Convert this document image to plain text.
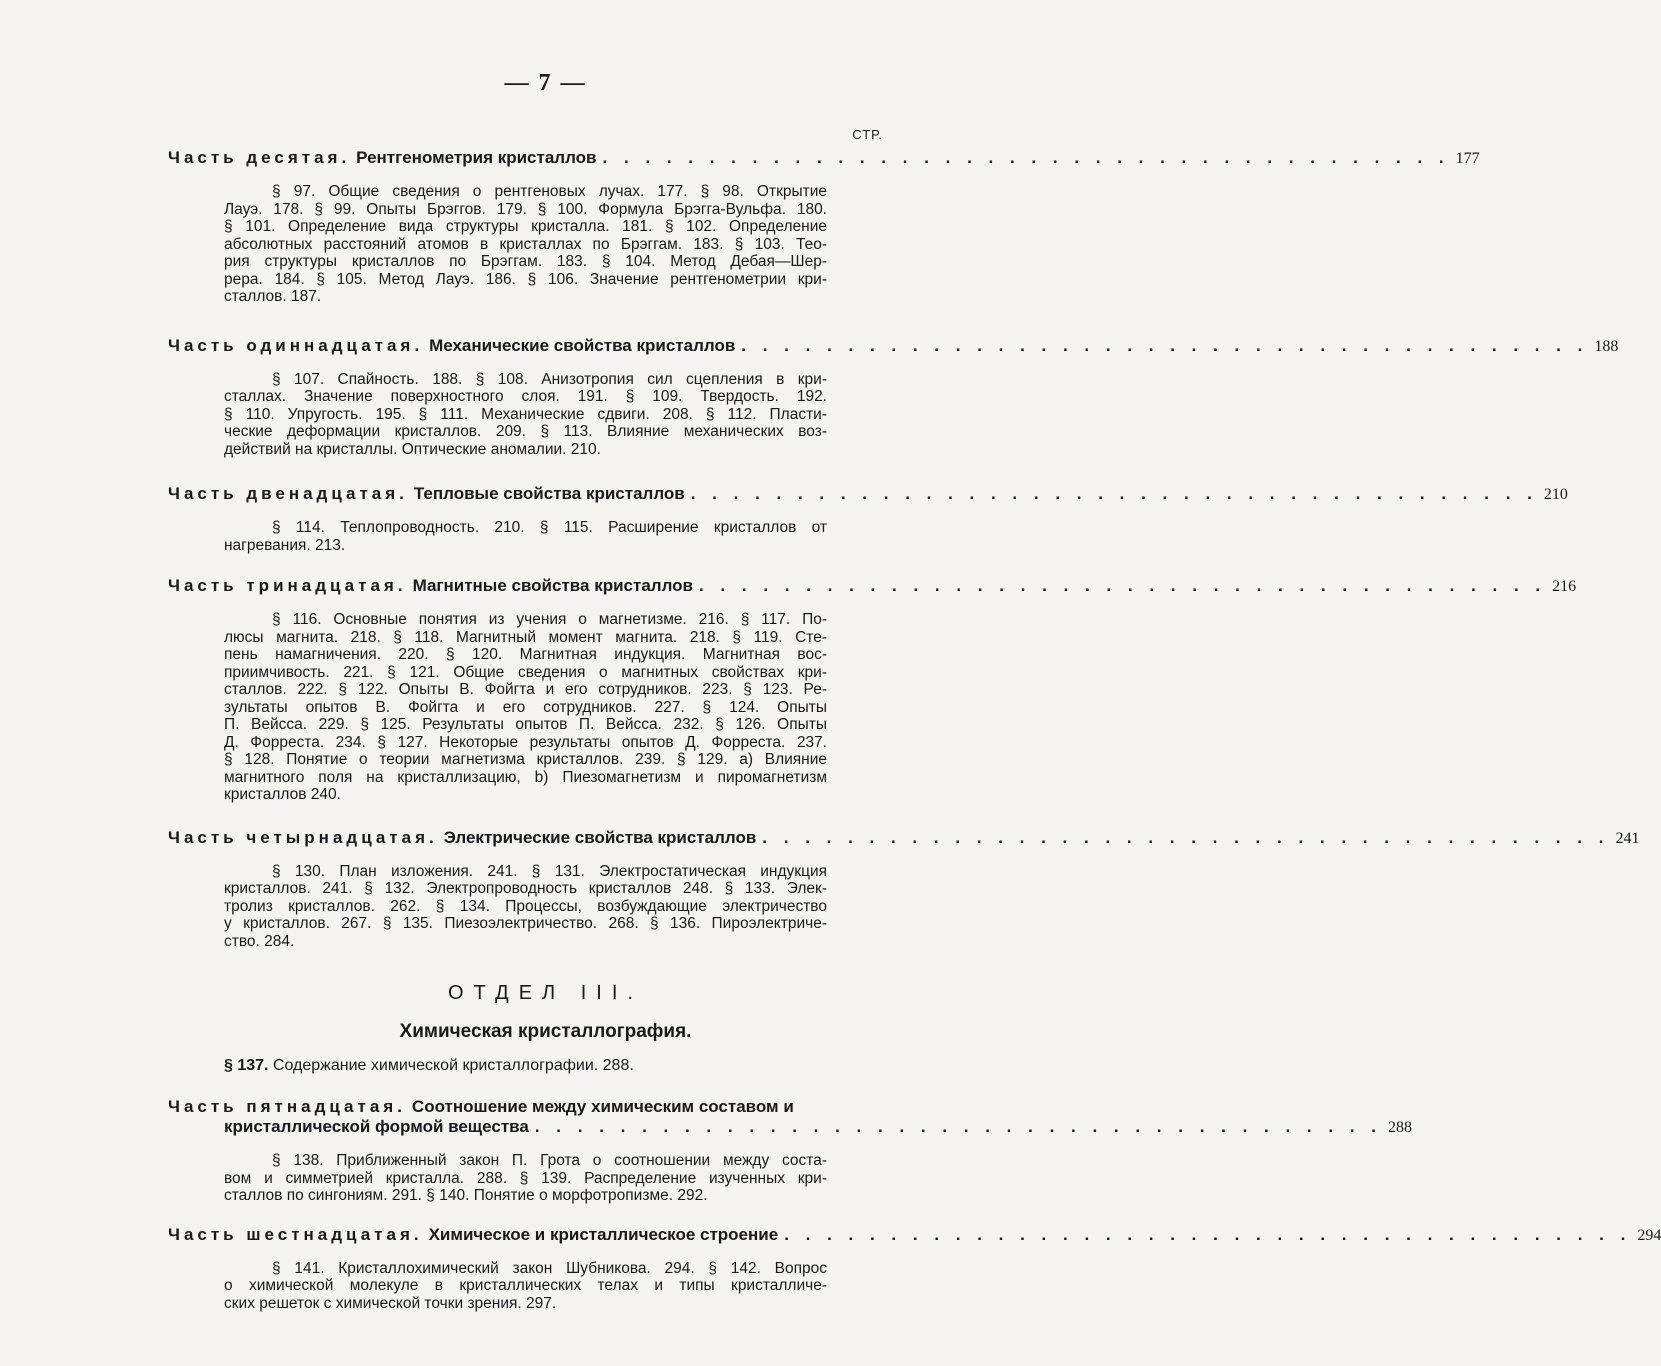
— 7 —
СТР.
Часть десятая. Рентгенометрия кристаллов . . . . . . . . . . . . . . . . . . . . . . . . . . . . . . . . . . . . . . . . 177
§ 97. Общие сведения о рентгеновых лучах. 177. § 98. Открытие
Лауэ. 178. § 99. Опыты Брэггов. 179. § 100. Формула Брэгга-Вульфа. 180.
§ 101. Определение вида структуры кристалла. 181. § 102. Определение
абсолютных расстояний атомов в кристаллах по Брэггам. 183. § 103. Тео-
рия структуры кристаллов по Брэггам. 183. § 104. Метод Дебая—Шер-
рера. 184. § 105. Метод Лауэ. 186. § 106. Значение рентгенометрии кри-
сталлов. 187.
Часть одиннадцатая. Механические свойства кристаллов . . . . . . . . . . . . . . . . . . . . . . . . . . . . . . . . . . . . . . . . 188
§ 107. Спайность. 188. § 108. Анизотропия сил сцепления в кри-
сталлах. Значение поверхностного слоя. 191. § 109. Твердость. 192.
§ 110. Упругость. 195. § 111. Механические сдвиги. 208. § 112. Пласти-
ческие деформации кристаллов. 209. § 113. Влияние механических воз-
действий на кристаллы. Оптические аномалии. 210.
Часть двенадцатая. Тепловые свойства кристаллов . . . . . . . . . . . . . . . . . . . . . . . . . . . . . . . . . . . . . . . . 210
§ 114. Теплопроводность. 210. § 115. Расширение кристаллов от
нагревания. 213.
Часть тринадцатая. Магнитные свойства кристаллов . . . . . . . . . . . . . . . . . . . . . . . . . . . . . . . . . . . . . . . . 216
§ 116. Основные понятия из учения о магнетизме. 216. § 117. По-
люсы магнита. 218. § 118. Магнитный момент магнита. 218. § 119. Сте-
пень намагничения. 220. § 120. Магнитная индукция. Магнитная вос-
приимчивость. 221. § 121. Общие сведения о магнитных свойствах кри-
сталлов. 222. § 122. Опыты В. Фойгта и его сотрудников. 223. § 123. Ре-
зультаты опытов В. Фойгта и его сотрудников. 227. § 124. Опыты
П. Вейсса. 229. § 125. Результаты опытов П. Вейсса. 232. § 126. Опыты
Д. Форреста. 234. § 127. Некоторые результаты опытов Д. Форреста. 237.
§ 128. Понятие о теории магнетизма кристаллов. 239. § 129. a) Влияние
магнитного поля на кристаллизацию, b) Пиезомагнетизм и пиромагнетизм
кристаллов 240.
Часть четырнадцатая. Электрические свойства кристаллов . . . . . . . . . . . . . . . . . . . . . . . . . . . . . . . . . . . . . . . . 241
§ 130. План изложения. 241. § 131. Электростатическая индукция
кристаллов. 241. § 132. Электропроводность кристаллов 248. § 133. Элек-
тролиз кристаллов. 262. § 134. Процессы, возбуждающие электричество
у кристаллов. 267. § 135. Пиезоэлектричество. 268. § 136. Пироэлектриче-
ство. 284.
ОТДЕЛ III.
Химическая кристаллография.
§ 137. Содержание химической кристаллографии. 288.
Часть пятнадцатая. Соотношение между химическим составом и
кристаллической формой вещества . . . . . . . . . . . . . . . . . . . . . . . . . . . . . . . . . . . . . . . . 288
§ 138. Приближенный закон П. Грота о соотношении между соста-
вом и симметрией кристалла. 288. § 139. Распределение изученных кри-
сталлов по сингониям. 291. § 140. Понятие о морфотропизме. 292.
Часть шестнадцатая. Химическое и кристаллическое строение . . . . . . . . . . . . . . . . . . . . . . . . . . . . . . . . . . . . . . . . 294
§ 141. Кристаллохимический закон Шубникова. 294. § 142. Вопрос
о химической молекуле в кристаллических телах и типы кристалличе-
ских решеток с химической точки зрения. 297.
